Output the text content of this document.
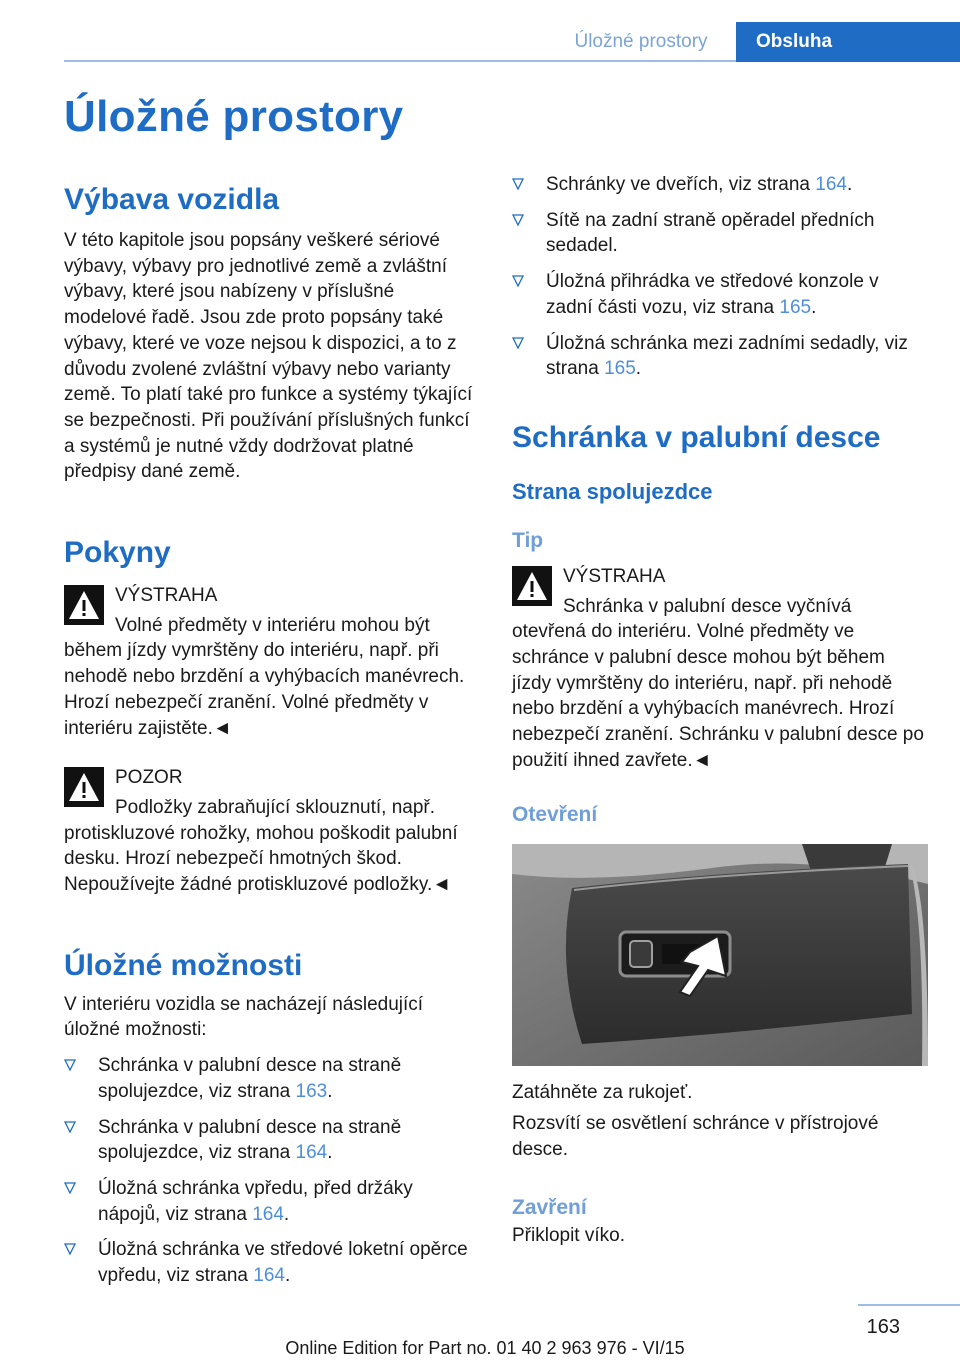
Úložné prostory	Obsluha
Úložné prostory
Výbava vozidla

V této kapitole jsou popsány veškeré sériové výbavy, výbavy pro jednotlivé země a zvláštní výbavy, které jsou nabízeny v příslušné modelové řadě. Jsou zde proto popsány také výbavy, které ve voze nejsou k dispozici, a to z důvodu zvolené zvláštní výbavy nebo varianty země. To platí také pro funkce a systémy týkající se bezpečnosti. Při používání příslušných funkcí a systémů je nutné vždy dodržovat platné předpisy dané země.

Pokyny

VÝSTRAHA

Volné předměty v interiéru mohou být

během jízdy vymrštěny do interiéru, např. při nehodě nebo brzdění a vyhýbacích manévrech. Hrozí nebezpečí zranění. Volné předměty v interiéru zajistěte.◄

POZOR

Podložky zabraňující sklouznutí, např.

protiskluzové rohožky, mohou poškodit palubní desku. Hrozí nebezpečí hmotných škod. Nepoužívejte žádné protiskluzové podložky.◄

Úložné možnosti

V interiéru vozidla se nacházejí následující úložné možnosti:

Schránka v palubní desce na straně spolujezdce, viz strana 163.
Schránka v palubní desce na straně spolujezdce, viz strana 164.
Úložná schránka vpředu, před držáky nápojů, viz strana 164.
Úložná schránka ve středové loketní opěrce vpředu, viz strana 164.
Schránky ve dveřích, viz strana 164.
Sítě na zadní straně opěradel předních sedadel.
Úložná přihrádka ve středové konzole v zadní části vozu, viz strana 165.
Úložná schránka mezi zadními sedadly, viz strana 165.
Schránka v palubní desce
Strana spolujezdce
Tip

VÝSTRAHA

Schránka v palubní desce vyčnívá

otevřená do interiéru. Volné předměty ve schránce v palubní desce mohou být během jízdy vymrštěny do interiéru, např. při nehodě nebo brzdění a vyhýbacích manévrech. Hrozí nebezpečí zranění. Schránku v palubní desce po použití ihned zavřete.◄

Otevření

Zatáhněte za rukojeť.

Rozsvítí se osvětlení schránce v přístrojové desce.

Zavření

Přiklopit víko.

163
Online Edition for Part no. 01 40 2 963 976 - VI/15
